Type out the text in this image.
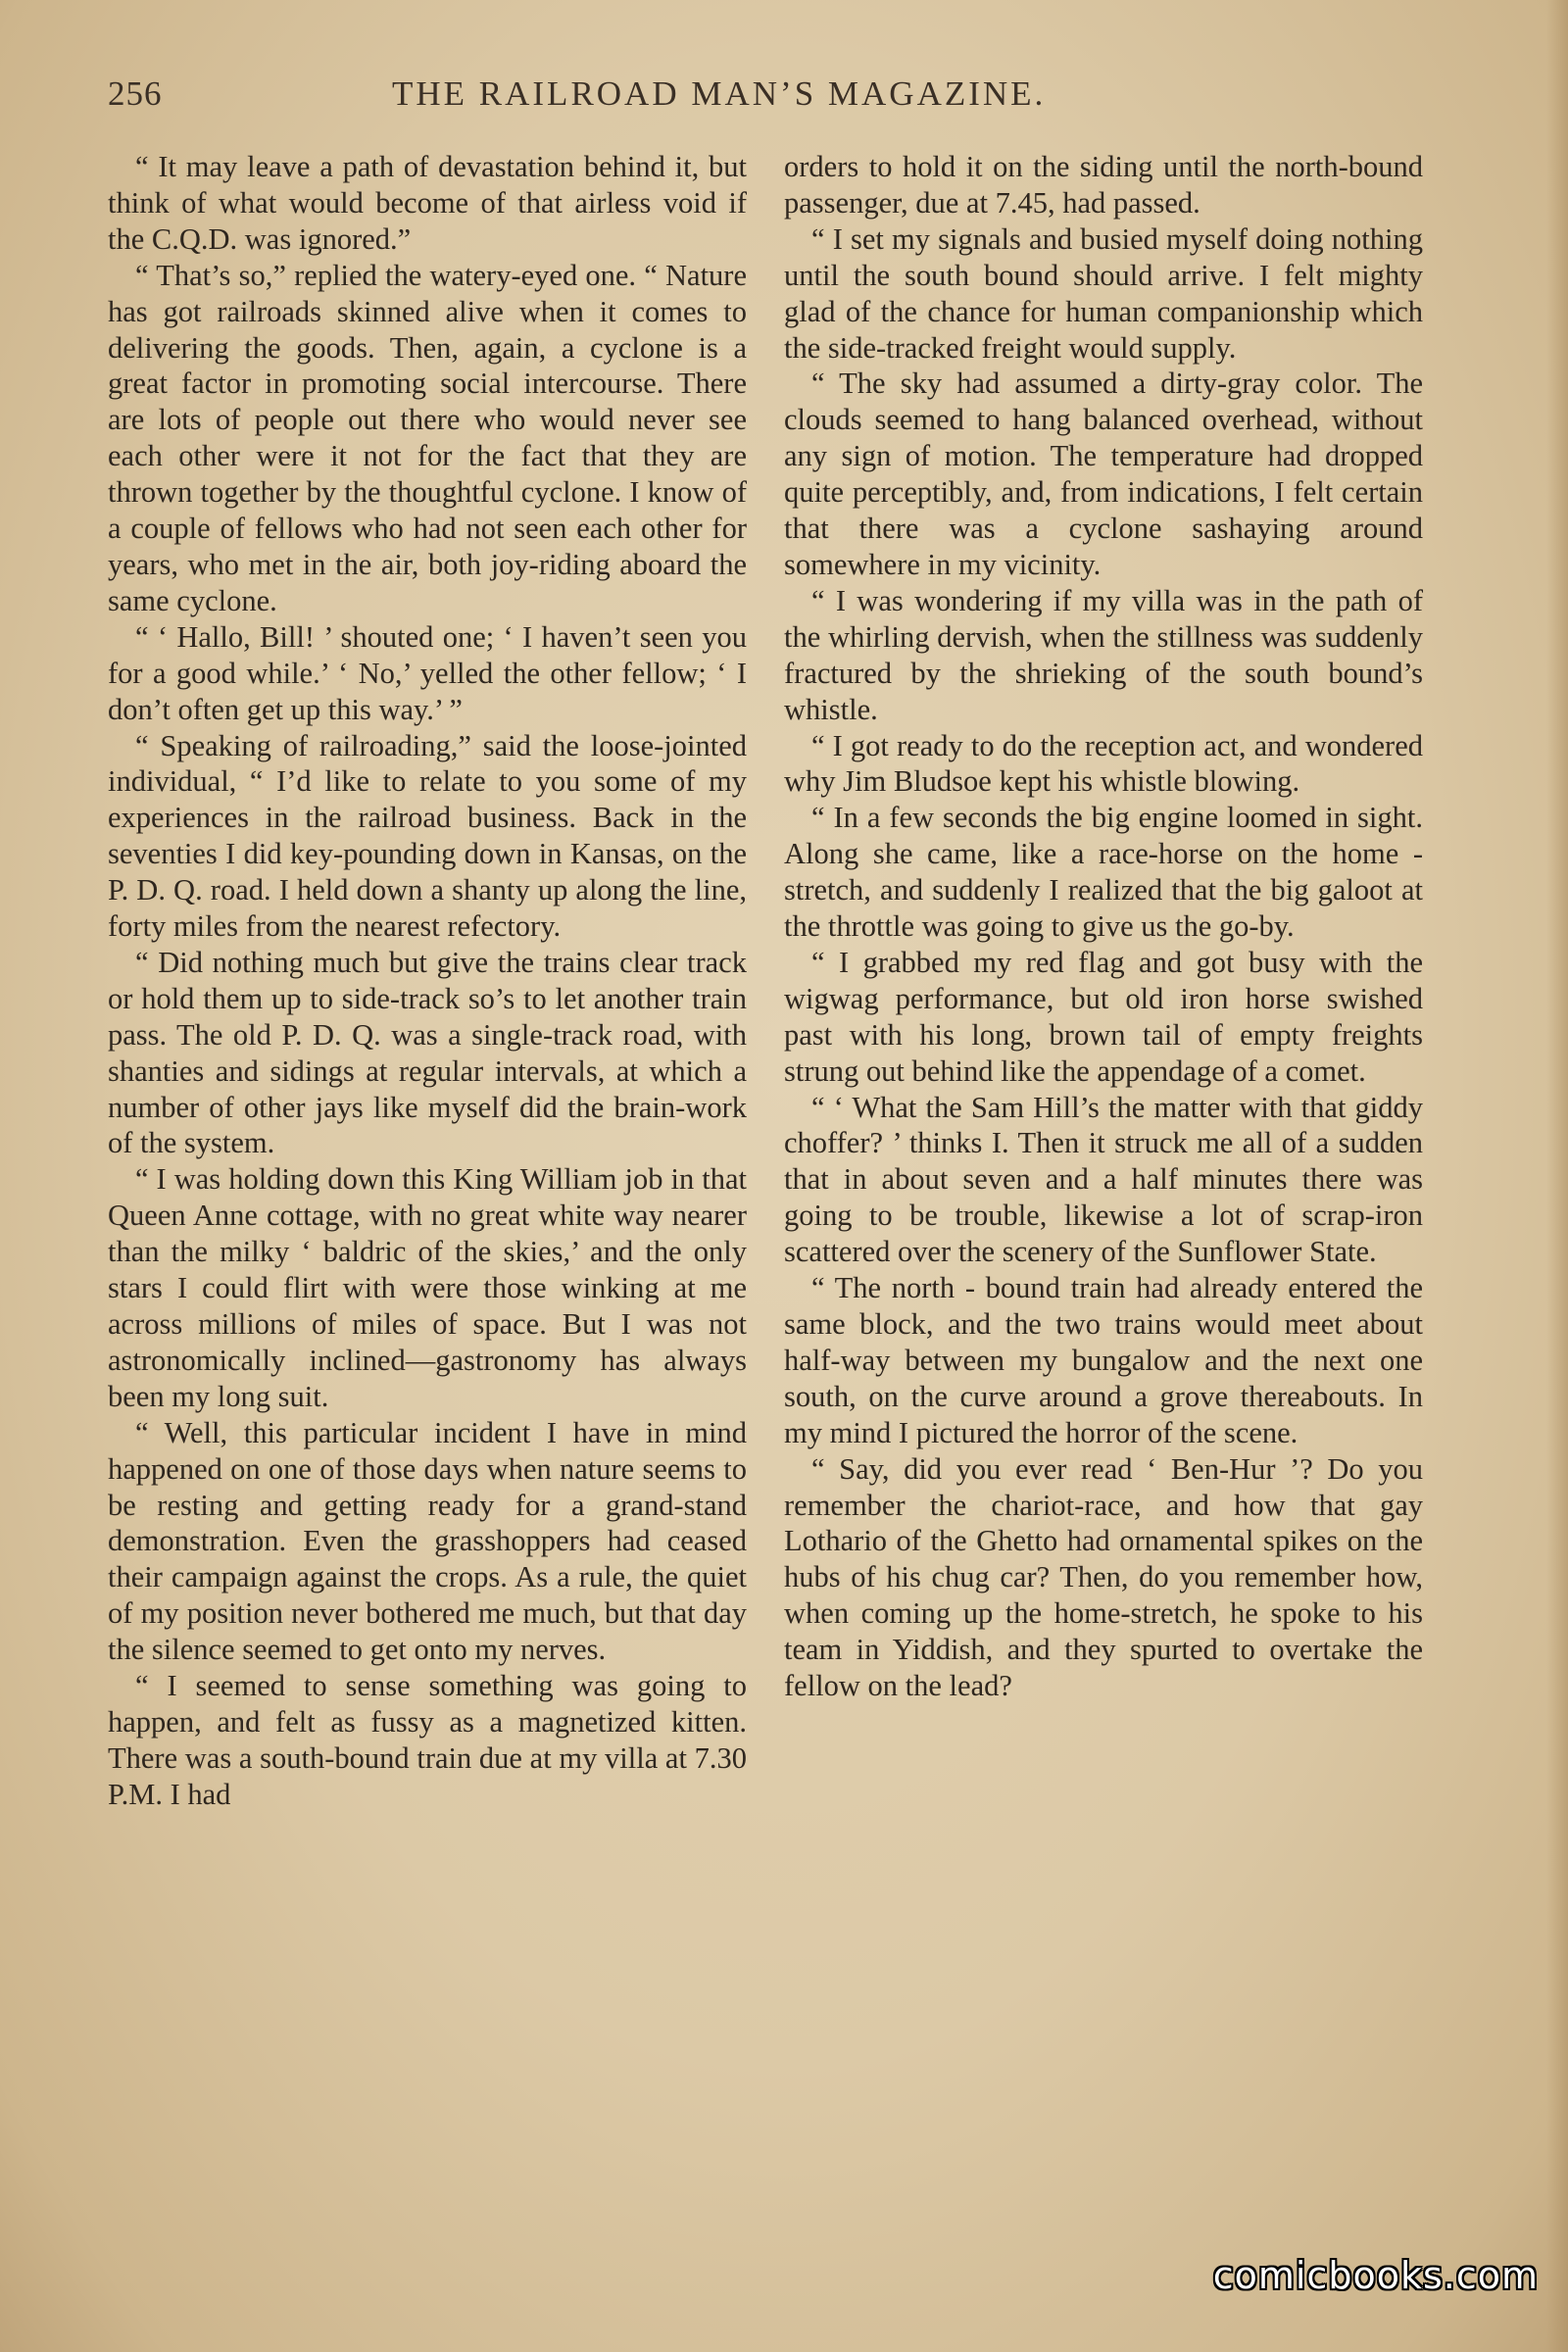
256	THE RAILROAD MAN’S MAGAZINE.

“ It may leave a path of devastation behind it, but think of what would become of that airless void if the C.Q.D. was ignored.”

“ That’s so,” replied the watery-eyed one. “ Nature has got railroads skinned alive when it comes to delivering the goods. Then, again, a cyclone is a great factor in promoting social intercourse. There are lots of people out there who would never see each other were it not for the fact that they are thrown together by the thoughtful cyclone. I know of a couple of fellows who had not seen each other for years, who met in the air, both joy-riding aboard the same cyclone.

“ ‘ Hallo, Bill! ’ shouted one; ‘ I haven’t seen you for a good while.’ ‘ No,’ yelled the other fellow; ‘ I don’t often get up this way.’ ”

“ Speaking of railroading,” said the loose-jointed individual, “ I’d like to relate to you some of my experiences in the railroad business. Back in the seventies I did key-pounding down in Kansas, on the P. D. Q. road. I held down a shanty up along the line, forty miles from the nearest refectory.

“ Did nothing much but give the trains clear track or hold them up to side-track so’s to let another train pass. The old P. D. Q. was a single-track road, with shanties and sidings at regular intervals, at which a number of other jays like myself did the brain-work of the system.

“ I was holding down this King William job in that Queen Anne cottage, with no great white way nearer than the milky ‘ baldric of the skies,’ and the only stars I could flirt with were those winking at me across millions of miles of space. But I was not astronomically inclined—gastronomy has always been my long suit.

“ Well, this particular incident I have in mind happened on one of those days when nature seems to be resting and getting ready for a grand-stand demonstration. Even the grasshoppers had ceased their campaign against the crops. As a rule, the quiet of my position never bothered me much, but that day the silence seemed to get onto my nerves.

“ I seemed to sense something was going to happen, and felt as fussy as a magnetized kitten. There was a south-bound train due at my villa at 7.30 P.M. I had

orders to hold it on the siding until the north-bound passenger, due at 7.45, had passed.

“ I set my signals and busied myself doing nothing until the south bound should arrive. I felt mighty glad of the chance for human companionship which the side-tracked freight would supply.

“ The sky had assumed a dirty-gray color. The clouds seemed to hang balanced overhead, without any sign of motion. The temperature had dropped quite perceptibly, and, from indications, I felt certain that there was a cyclone sashaying around somewhere in my vicinity.

“ I was wondering if my villa was in the path of the whirling dervish, when the stillness was suddenly fractured by the shrieking of the south bound’s whistle.

“ I got ready to do the reception act, and wondered why Jim Bludsoe kept his whistle blowing.

“ In a few seconds the big engine loomed in sight. Along she came, like a race-horse on the home - stretch, and suddenly I realized that the big galoot at the throttle was going to give us the go-by.

“ I grabbed my red flag and got busy with the wigwag performance, but old iron horse swished past with his long, brown tail of empty freights strung out behind like the appendage of a comet.

“ ‘ What the Sam Hill’s the matter with that giddy choffer? ’ thinks I. Then it struck me all of a sudden that in about seven and a half minutes there was going to be trouble, likewise a lot of scrap-iron scattered over the scenery of the Sunflower State.

“ The north - bound train had already entered the same block, and the two trains would meet about half-way between my bungalow and the next one south, on the curve around a grove thereabouts. In my mind I pictured the horror of the scene.

“ Say, did you ever read ‘ Ben-Hur ’? Do you remember the chariot-race, and how that gay Lothario of the Ghetto had ornamental spikes on the hubs of his chug car? Then, do you remember how, when coming up the home-stretch, he spoke to his team in Yiddish, and they spurted to overtake the fellow on the lead?

comicbooks.com
